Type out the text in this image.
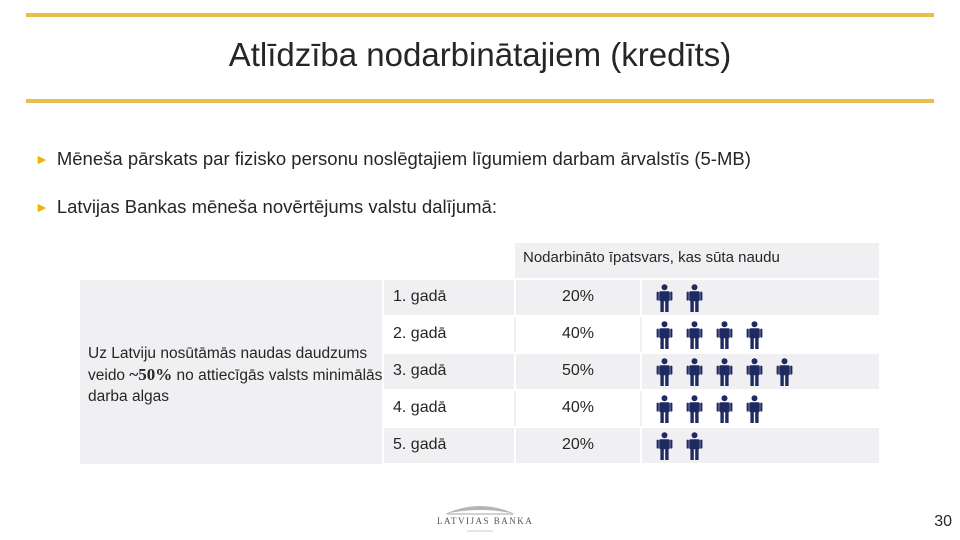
Atlīdzība nodarbinātajiem (kredīts)
► Mēneša pārskats par fizisko personu noslēgtajiem līgumiem darbam ārvalstīs (5-MB)
► Latvijas Bankas mēneša novērtējums valstu dalījumā:
Nodarbināto īpatsvars, kas sūta naudu
Uz Latviju nosūtāmās naudas daudzums veido ~50% no attiecīgās valsts minimālās darba algas
1. gadā	20%
2. gadā	40%
3. gadā	50%
4. gadā	40%
5. gadā	20%
LATVIJAS BANKA	30
